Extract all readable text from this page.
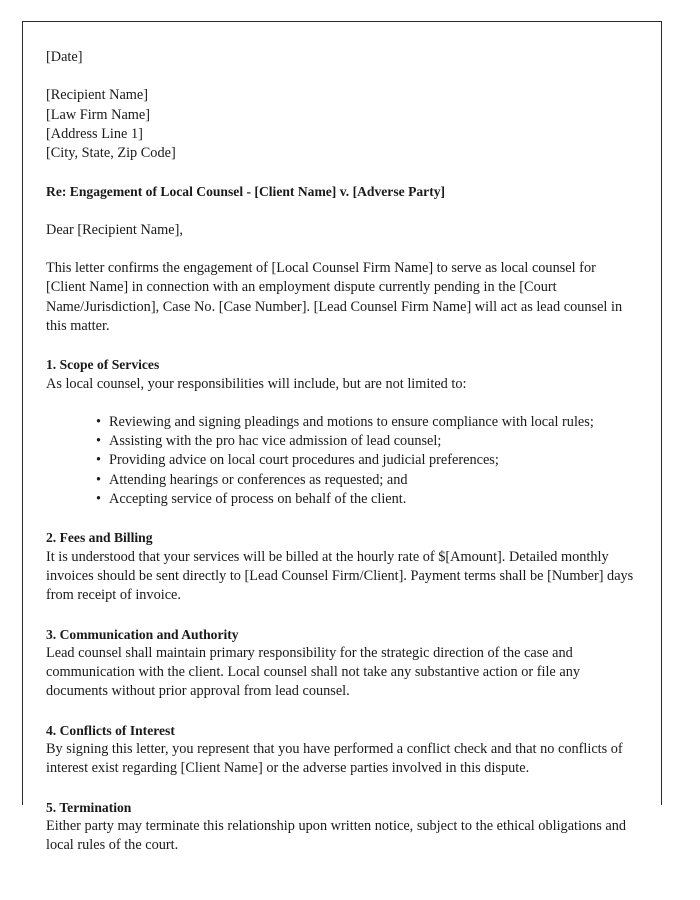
[Date]

[Recipient Name]

[Law Firm Name]

[Address Line 1]

[City, State, Zip Code]

Re: Engagement of Local Counsel - [Client Name] v. [Adverse Party]

Dear [Recipient Name],

This letter confirms the engagement of [Local Counsel Firm Name] to serve as local counsel for [Client Name] in connection with an employment dispute currently pending in the [Court Name/Jurisdiction], Case No. [Case Number]. [Lead Counsel Firm Name] will act as lead counsel in this matter.

1. Scope of Services

As local counsel, your responsibilities will include, but are not limited to:

• Reviewing and signing pleadings and motions to ensure compliance with local rules;
• Assisting with the pro hac vice admission of lead counsel;
• Providing advice on local court procedures and judicial preferences;
• Attending hearings or conferences as requested; and
• Accepting service of process on behalf of the client.

2. Fees and Billing

It is understood that your services will be billed at the hourly rate of $[Amount]. Detailed monthly invoices should be sent directly to [Lead Counsel Firm/Client]. Payment terms shall be [Number] days from receipt of invoice.

3. Communication and Authority

Lead counsel shall maintain primary responsibility for the strategic direction of the case and communication with the client. Local counsel shall not take any substantive action or file any documents without prior approval from lead counsel.

4. Conflicts of Interest

By signing this letter, you represent that you have performed a conflict check and that no conflicts of interest exist regarding [Client Name] or the adverse parties involved in this dispute.

5. Termination

Either party may terminate this relationship upon written notice, subject to the ethical obligations and local rules of the court.
